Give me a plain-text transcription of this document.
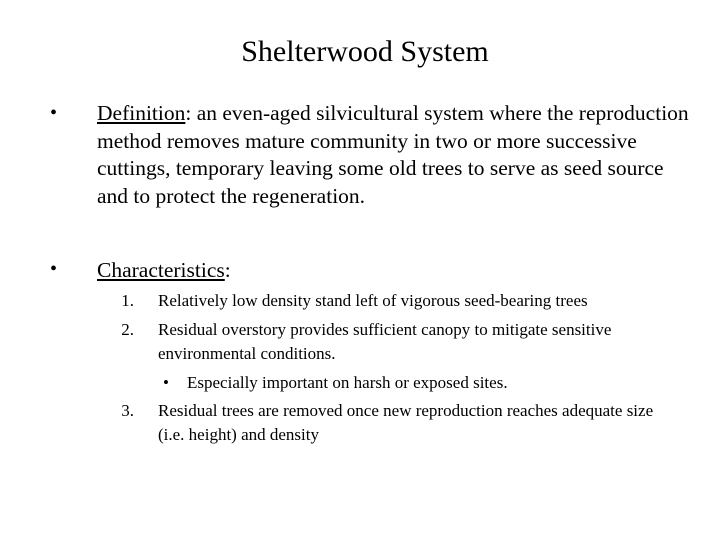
Shelterwood System
• Definition: an even-aged silvicultural system where the reproduction method removes mature community in two or more successive cuttings, temporary leaving some old trees to serve as seed source and to protect the regeneration.
• Characteristics:
1. Relatively low density stand left of vigorous seed-bearing trees
2. Residual overstory provides sufficient canopy to mitigate sensitive environmental conditions.
• Especially important on harsh or exposed sites.
3. Residual trees are removed once new reproduction reaches adequate size (i.e. height) and density
